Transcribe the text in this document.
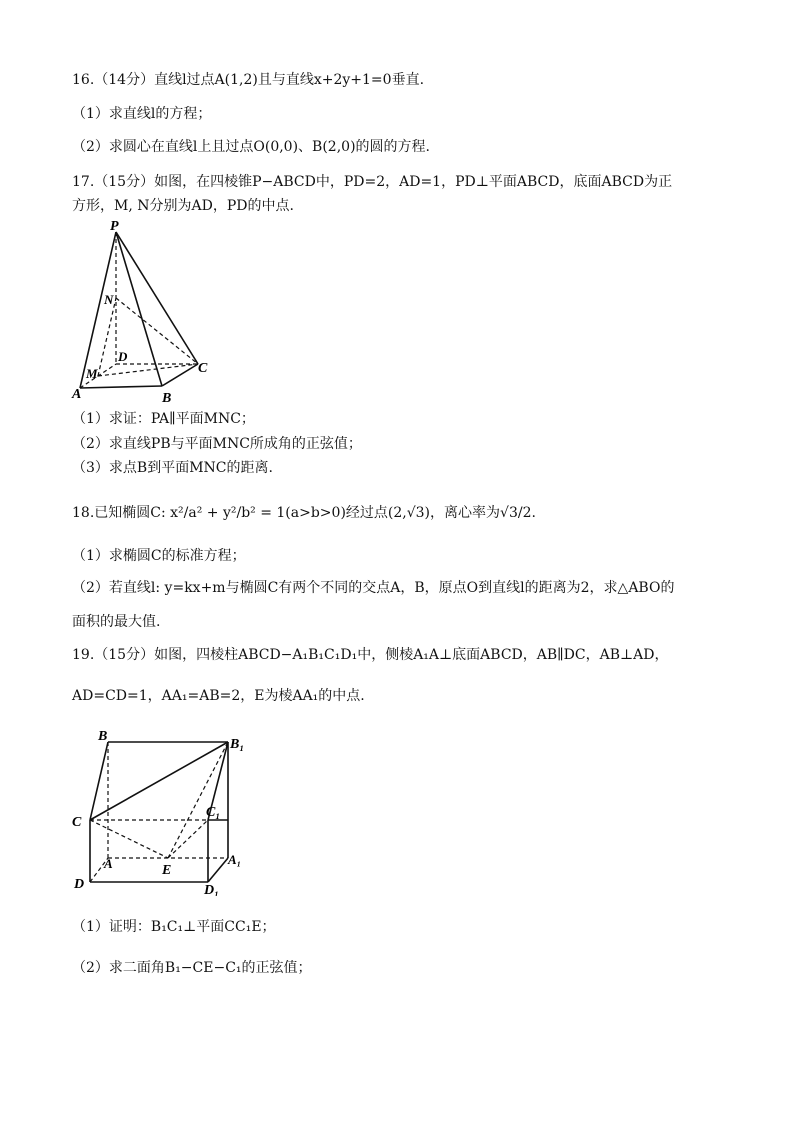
16.（14分）直线l过点A(1,2)且与直线x+2y+1=0垂直.
（1）求直线l的方程；
（2）求圆心在直线l上且过点O(0,0)、B(2,0)的圆的方程.
17.（15分）如图，在四棱锥P−ABCD中，PD=2，AD=1，PD⊥平面ABCD，底面ABCD为正
方形，M, N分别为AD，PD的中点.
P
N
D
M
A	B
C
（1）求证：PA∥平面MNC；
（2）求直线PB与平面MNC所成角的正弦值；
（3）求点B到平面MNC的距离.
18.已知椭圆C: x²/a² + y²/b² = 1(a>b>0)经过点(2,√3)，离心率为√3/2.
（1）求椭圆C的标准方程；
（2）若直线l: y=kx+m与椭圆C有两个不同的交点A，B，原点O到直线l的距离为2，求△ABO的
面积的最大值.
19.（15分）如图，四棱柱ABCD−A₁B₁C₁D₁中，侧棱A₁A⊥底面ABCD，AB∥DC，AB⊥AD，
AD=CD=1，AA₁=AB=2，E为棱AA₁的中点.
B
B₁
C
C₁
A	A₁
E
D	D₁
（1）证明：B₁C₁⊥平面CC₁E；
（2）求二面角B₁−CE−C₁的正弦值；
